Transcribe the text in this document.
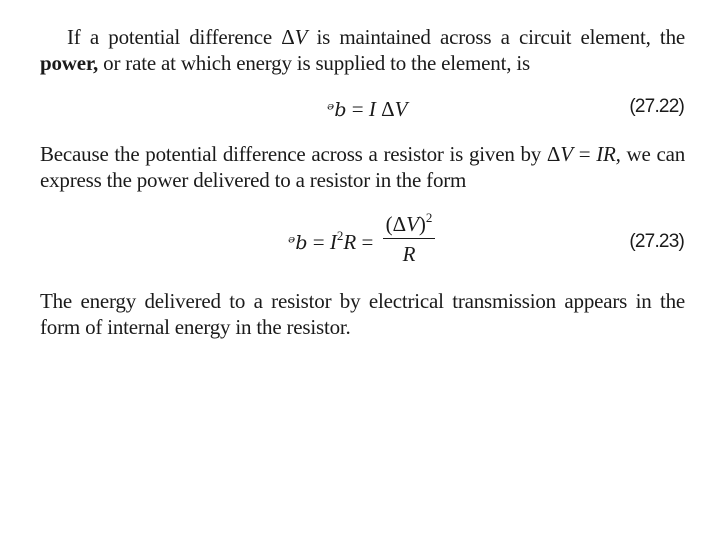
If a potential difference ΔV is maintained across a circuit element, the power, or rate at which energy is supplied to the element, is

ᵊb = I ΔV	(27.22)

Because the potential difference across a resistor is given by ΔV = IR, we can express the power delivered to a resistor in the form

ᵊb = $I^2R$ =
$(\Delta V)^2$
R
(27.23)

The energy delivered to a resistor by electrical transmission appears in the form of internal energy in the resistor.
